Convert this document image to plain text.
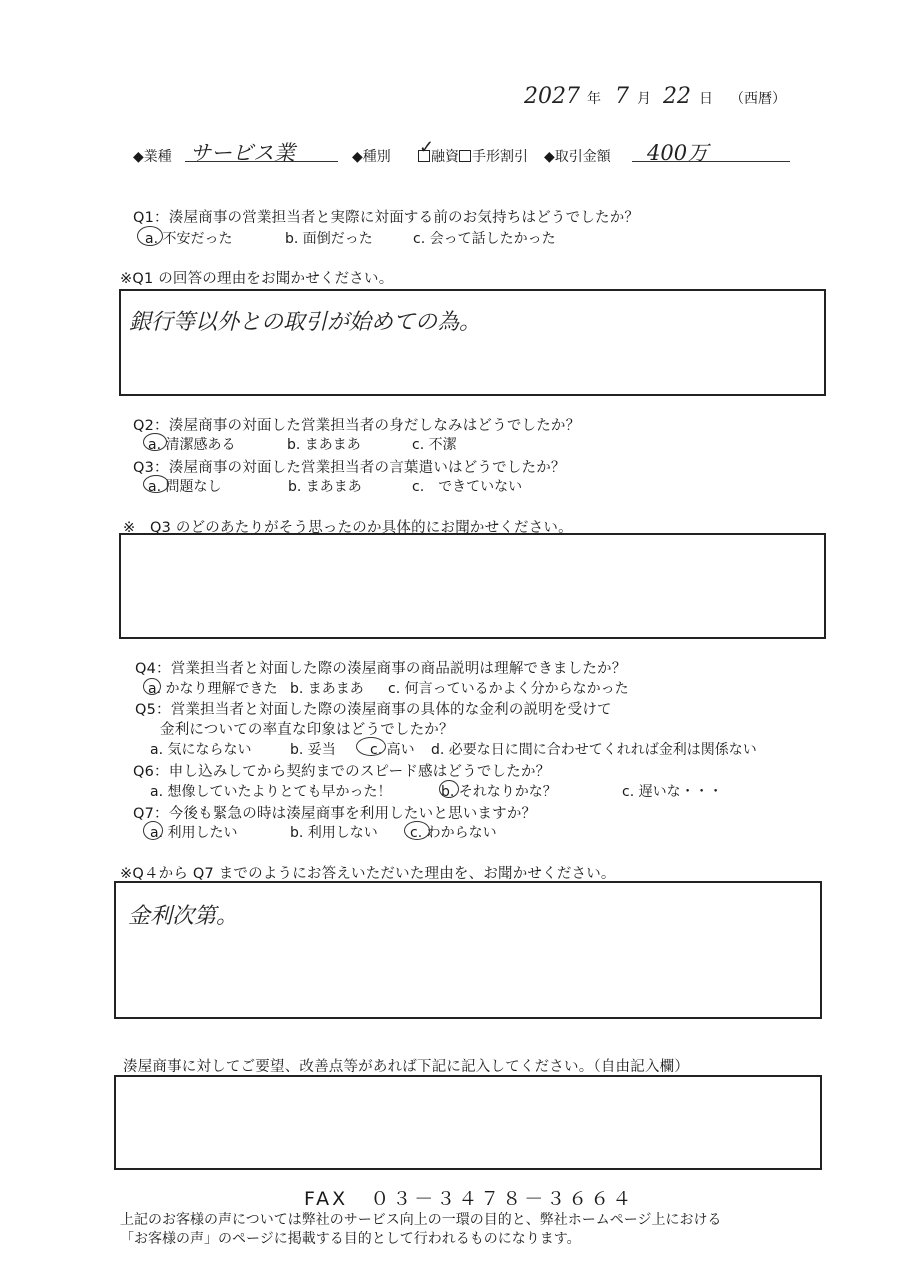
2027 年 7 月 22 日 （西暦）
◆業種 サービス業	◆種別	融資 手形割引
✓	◆取引金額 400万
Q1：湊屋商事の営業担当者と実際に対面する前のお気持ちはどうでしたか？
a. 不安だった	b. 面倒だった	c. 会って話したかった
※Q1 の回答の理由をお聞かせください。
銀行等以外との取引が始めての為。
Q2：湊屋商事の対面した営業担当者の身だしなみはどうでしたか？
a. 清潔感ある	b. まあまあ	c. 不潔
Q3：湊屋商事の対面した営業担当者の言葉遣いはどうでしたか？
a. 問題なし	b. まあまあ	c.　できていない
※　Q3 のどのあたりがそう思ったのか具体的にお聞かせください。
Q4：営業担当者と対面した際の湊屋商事の商品説明は理解できましたか？
a. かなり理解できた b. まあまあ c. 何言っているかよく分からなかった
Q5：営業担当者と対面した際の湊屋商事の具体的な金利の説明を受けて
金利についての率直な印象はどうでしたか？
a. 気にならない	b. 妥当 c. 高い d. 必要な日に間に合わせてくれれば金利は関係ない
Q6：申し込みしてから契約までのスピード感はどうでしたか？
a. 想像していたよりとても早かった！	b. それなりかな？	c. 遅いな・・・
Q7：今後も緊急の時は湊屋商事を利用したいと思いますか？
a. 利用したい	b. 利用しない c. わからない
※Q４から Q7 までのようにお答えいただいた理由を、お聞かせください。
金利次第。
湊屋商事に対してご要望、改善点等があれば下記に記入してください。（自由記入欄）
FAX　０３－３４７８－３６６４
上記のお客様の声については弊社のサービス向上の一環の目的と、弊社ホームページ上における
「お客様の声」のページに掲載する目的として行われるものになります。
